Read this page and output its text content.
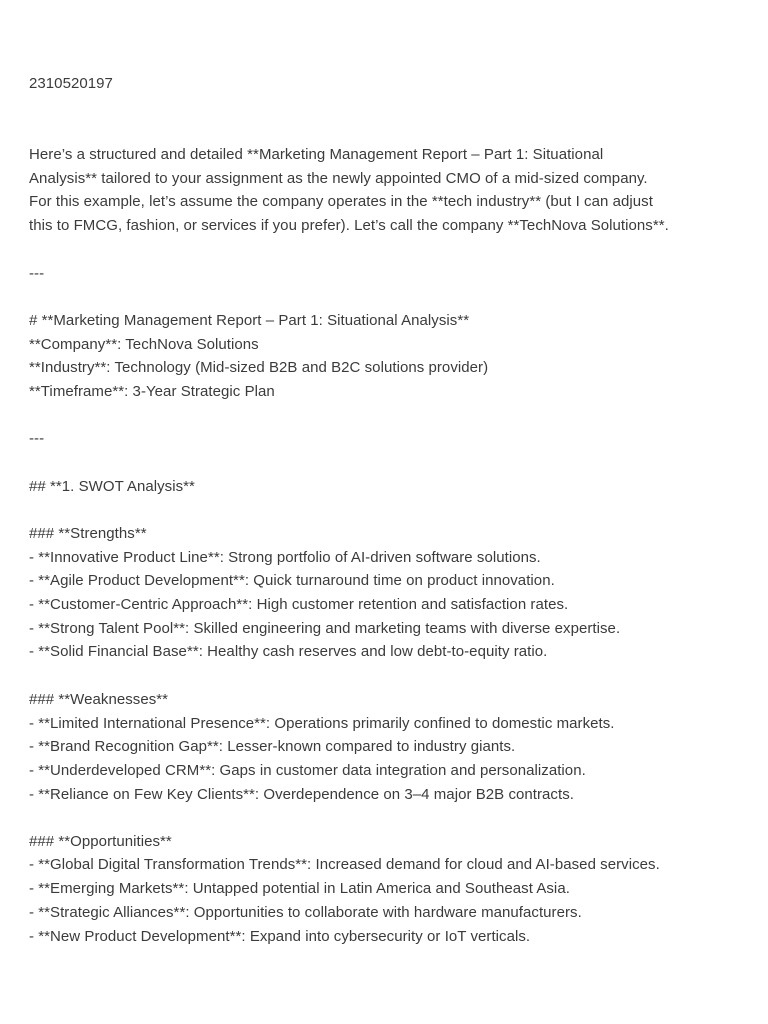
2310520197
Here’s a structured and detailed **Marketing Management Report – Part 1: Situational
Analysis** tailored to your assignment as the newly appointed CMO of a mid-sized company.
For this example, let’s assume the company operates in the **tech industry** (but I can adjust
this to FMCG, fashion, or services if you prefer). Let’s call the company **TechNova Solutions**.
---
# **Marketing Management Report – Part 1: Situational Analysis**
**Company**: TechNova Solutions
**Industry**: Technology (Mid-sized B2B and B2C solutions provider)
**Timeframe**: 3-Year Strategic Plan
---
## **1. SWOT Analysis**
### **Strengths**
- **Innovative Product Line**: Strong portfolio of AI-driven software solutions.
- **Agile Product Development**: Quick turnaround time on product innovation.
- **Customer-Centric Approach**: High customer retention and satisfaction rates.
- **Strong Talent Pool**: Skilled engineering and marketing teams with diverse expertise.
- **Solid Financial Base**: Healthy cash reserves and low debt-to-equity ratio.
### **Weaknesses**
- **Limited International Presence**: Operations primarily confined to domestic markets.
- **Brand Recognition Gap**: Lesser-known compared to industry giants.
- **Underdeveloped CRM**: Gaps in customer data integration and personalization.
- **Reliance on Few Key Clients**: Overdependence on 3–4 major B2B contracts.
### **Opportunities**
- **Global Digital Transformation Trends**: Increased demand for cloud and AI-based services.
- **Emerging Markets**: Untapped potential in Latin America and Southeast Asia.
- **Strategic Alliances**: Opportunities to collaborate with hardware manufacturers.
- **New Product Development**: Expand into cybersecurity or IoT verticals.
